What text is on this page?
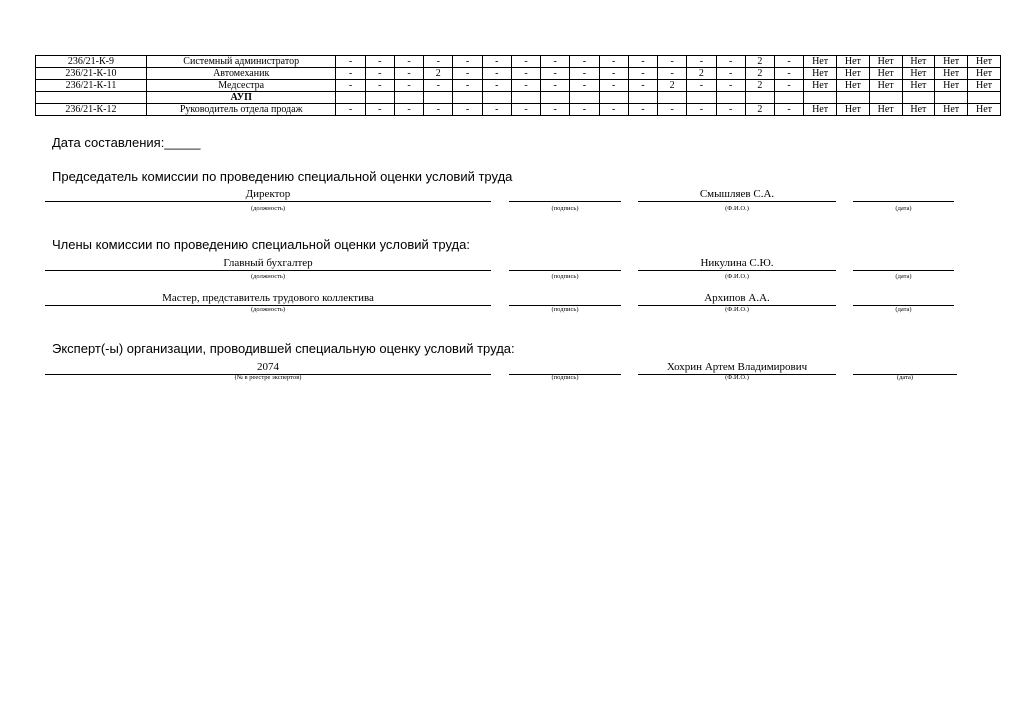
236/21-К-9	Системный администратор	-	-	-	-	-	-	-	-	-	-	-	-	-	-	2	-	Нет	Нет	Нет	Нет	Нет	Нет
236/21-К-10	Автомеханик	-	-	-	2	-	-	-	-	-	-	-	-	2	-	2	-	Нет	Нет	Нет	Нет	Нет	Нет
236/21-К-11	Медсестра	-	-	-	-	-	-	-	-	-	-	-	2	-	-	2	-	Нет	Нет	Нет	Нет	Нет	Нет
	АУП																						
236/21-К-12	Руководитель отдела продаж	-	-	-	-	-	-	-	-	-	-	-	-	-	-	2	-	Нет	Нет	Нет	Нет	Нет	Нет
Дата составления:_____
Председатель комиссии по проведению специальной оценки условий труда
Директор	Смышляев С.А.
(должность)	(подпись)	(Ф.И.О.)	(дата)
Члены комиссии по проведению специальной оценки условий труда:
Главный бухгалтер	Никулина С.Ю.
(должность)	(подпись)	(Ф.И.О.)	(дата)
Мастер, представитель трудового коллектива	Архипов А.А.
(должность)	(подпись)	(Ф.И.О.)	(дата)
Эксперт(-ы) организации, проводившей специальную оценку условий труда:
2074	Хохрин Артем Владимирович
(№ в реестре экспертов)	(подпись)	(Ф.И.О.)	(дата)
